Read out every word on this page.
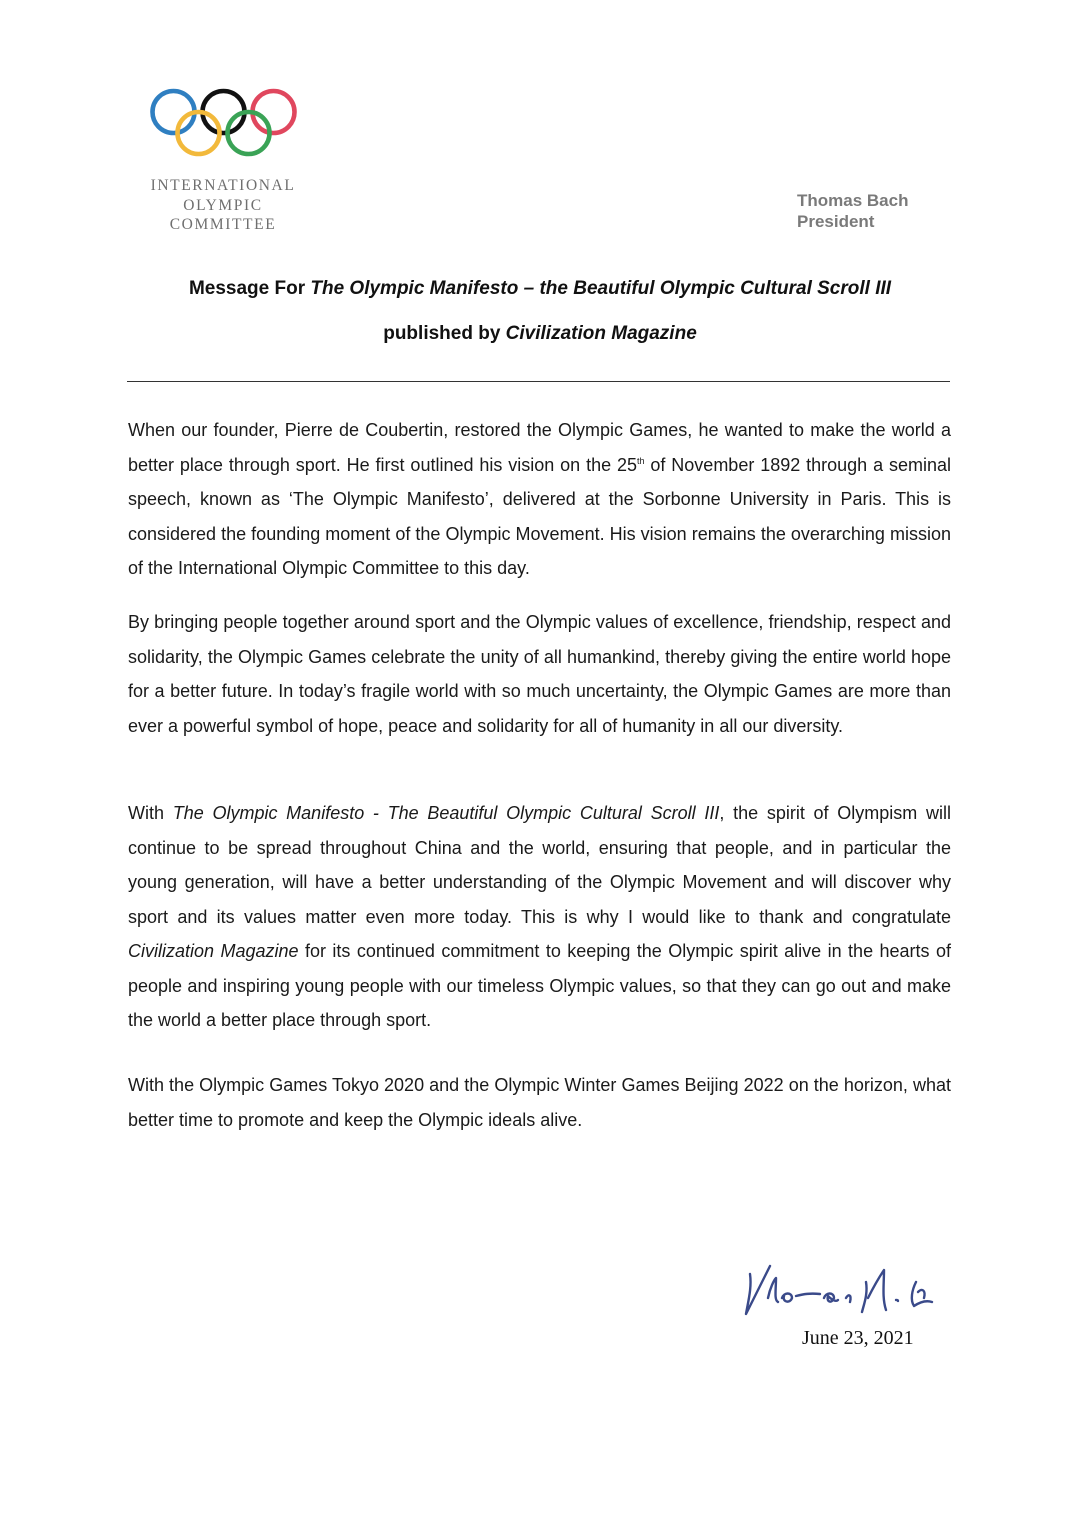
INTERNATIONAL
OLYMPIC
COMMITTEE
Thomas Bach
President
Message For The Olympic Manifesto – the Beautiful Olympic Cultural Scroll III
published by Civilization Magazine
When our founder, Pierre de Coubertin, restored the Olympic Games, he wanted to make the world a better place through sport. He first outlined his vision on the 25th of November 1892 through a seminal speech, known as ‘The Olympic Manifesto’, delivered at the Sorbonne University in Paris. This is considered the founding moment of the Olympic Movement. His vision remains the overarching mission of the International Olympic Committee to this day.
By bringing people together around sport and the Olympic values of excellence, friendship, respect and solidarity, the Olympic Games celebrate the unity of all humankind, thereby giving the entire world hope for a better future. In today’s fragile world with so much uncertainty, the Olympic Games are more than ever a powerful symbol of hope, peace and solidarity for all of humanity in all our diversity.
With The Olympic Manifesto - The Beautiful Olympic Cultural Scroll III, the spirit of Olympism will continue to be spread throughout China and the world, ensuring that people, and in particular the young generation, will have a better understanding of the Olympic Movement and will discover why sport and its values matter even more today. This is why I would like to thank and congratulate Civilization Magazine for its continued commitment to keeping the Olympic spirit alive in the hearts of people and inspiring young people with our timeless Olympic values, so that they can go out and make the world a better place through sport.
With the Olympic Games Tokyo 2020 and the Olympic Winter Games Beijing 2022 on the horizon, what better time to promote and keep the Olympic ideals alive.
June 23, 2021
